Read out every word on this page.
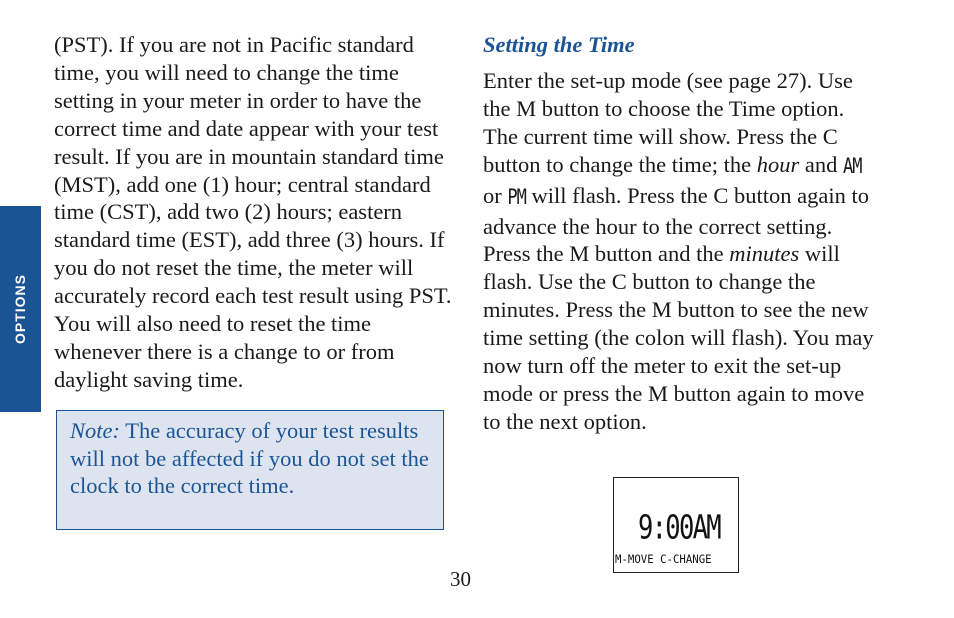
OPTIONS

(PST). If you are not in Pacific standard time, you will need to change the time setting in your meter in order to have the correct time and date appear with your test result. If you are in mountain standard time (MST), add one (1) hour; central standard time (CST), add two (2) hours; eastern standard time (EST), add three (3) hours. If you do not reset the time, the meter will accurately record each test result using PST. You will also need to reset the time whenever there is a change to or from daylight saving time.

Note: The accuracy of your test results will not be affected if you do not set the clock to the correct time.
Setting the Time

Enter the set-up mode (see page 27). Use the M button to choose the Time option. The current time will show. Press the C button to change the time; the hour and AM or PM will flash. Press the C button again to advance the hour to the correct setting. Press the M button and the minutes will flash. Use the C button to change the minutes. Press the M button to see the new time setting (the colon will flash). You may now turn off the meter to exit the set-up mode or press the M button again to move to the next option.

9:00AM
M-MOVE C-CHANGE
30
